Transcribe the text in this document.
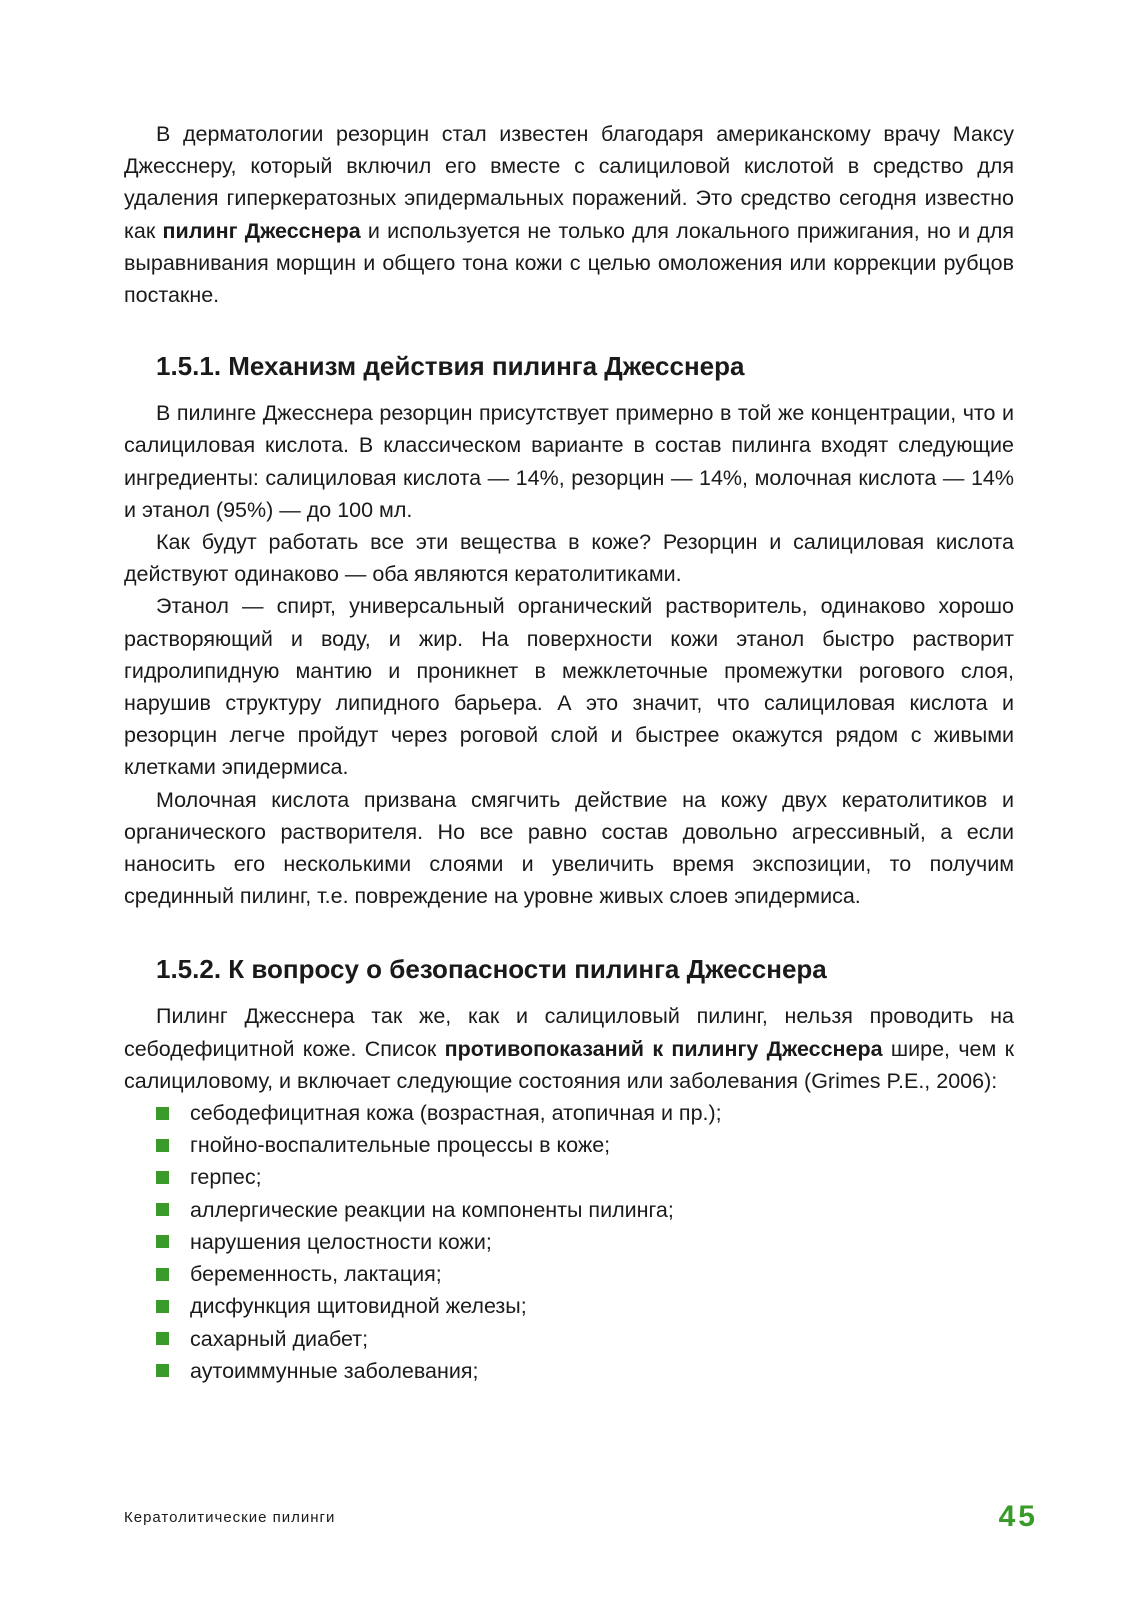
В дерматологии резорцин стал известен благодаря американскому врачу Максу Джесснеру, который включил его вместе с салициловой кислотой в средство для удаления гиперкератозных эпидермальных поражений. Это средство сегодня известно как пилинг Джесснера и используется не только для локального прижигания, но и для выравнивания морщин и общего тона кожи с целью омоложения или коррекции рубцов постакне.

1.5.1. Механизм действия пилинга Джесснера

В пилинге Джесснера резорцин присутствует примерно в той же концентрации, что и салициловая кислота. В классическом варианте в состав пилинга входят следующие ингредиенты: салициловая кислота — 14%, резорцин — 14%, молочная кислота — 14% и этанол (95%) — до 100 мл.

Как будут работать все эти вещества в коже? Резорцин и салициловая кислота действуют одинаково — оба являются кератолитиками.

Этанол — спирт, универсальный органический растворитель, одинаково хорошо растворяющий и воду, и жир. На поверхности кожи этанол быстро растворит гидролипидную мантию и проникнет в межклеточные промежутки рогового слоя, нарушив структуру липидного барьера. А это значит, что салициловая кислота и резорцин легче пройдут через роговой слой и быстрее окажутся рядом с живыми клетками эпидермиса.

Молочная кислота призвана смягчить действие на кожу двух кератолитиков и органического растворителя. Но все равно состав довольно агрессивный, а если наносить его несколькими слоями и увеличить время экспозиции, то получим срединный пилинг, т.е. повреждение на уровне живых слоев эпидермиса.

1.5.2. К вопросу о безопасности пилинга Джесснера

Пилинг Джесснера так же, как и салициловый пилинг, нельзя проводить на себодефицитной коже. Список противопоказаний к пилингу Джесснера шире, чем к салициловому, и включает следующие состояния или заболевания (Grimes P.E., 2006):

себодефицитная кожа (возрастная, атопичная и пр.);
гнойно-воспалительные процессы в коже;
герпес;
аллергические реакции на компоненты пилинга;
нарушения целостности кожи;
беременность, лактация;
дисфункция щитовидной железы;
сахарный диабет;
аутоиммунные заболевания;
Кератолитические пилинги	45
